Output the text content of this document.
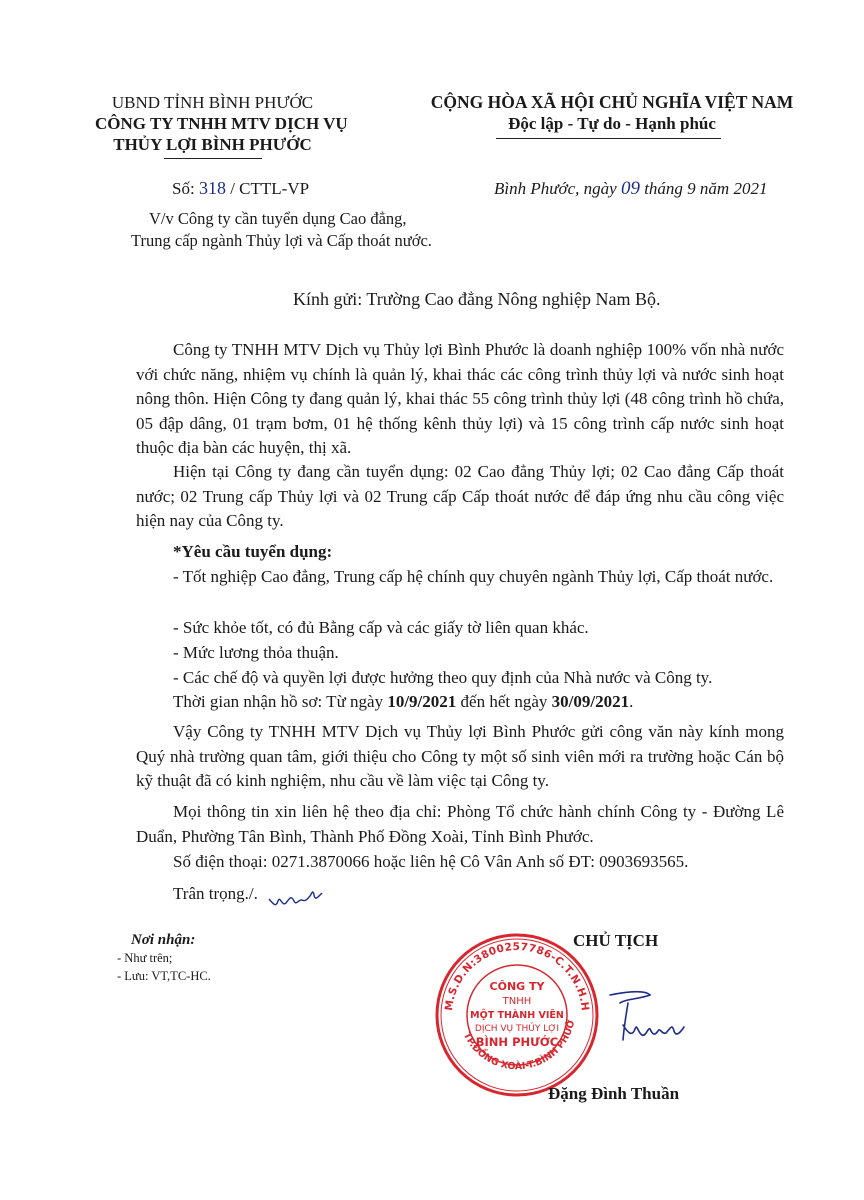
UBND TỈNH BÌNH PHƯỚC
CÔNG TY TNHH MTV DỊCH VỤ
THỦY LỢI BÌNH PHƯỚC
CỘNG HÒA XÃ HỘI CHỦ NGHĨA VIỆT NAM
Độc lập - Tự do - Hạnh phúc
Số: 318 / CTTL-VP	Bình Phước, ngày 09 tháng 9 năm 2021
V/v Công ty cần tuyển dụng Cao đẳng,
Trung cấp ngành Thủy lợi và Cấp thoát nước.
Kính gửi: Trường Cao đẳng Nông nghiệp Nam Bộ.
Công ty TNHH MTV Dịch vụ Thủy lợi Bình Phước là doanh nghiệp 100% vốn nhà nước với chức năng, nhiệm vụ chính là quản lý, khai thác các công trình thủy lợi và nước sinh hoạt nông thôn. Hiện Công ty đang quản lý, khai thác 55 công trình thủy lợi (48 công trình hồ chứa, 05 đập dâng, 01 trạm bơm, 01 hệ thống kênh thủy lợi) và 15 công trình cấp nước sinh hoạt thuộc địa bàn các huyện, thị xã.
Hiện tại Công ty đang cần tuyển dụng: 02 Cao đẳng Thủy lợi; 02 Cao đẳng Cấp thoát nước; 02 Trung cấp Thủy lợi và 02 Trung cấp Cấp thoát nước để đáp ứng nhu cầu công việc hiện nay của Công ty.
*Yêu cầu tuyển dụng:
- Tốt nghiệp Cao đẳng, Trung cấp hệ chính quy chuyên ngành Thủy lợi, Cấp thoát nước.
- Sức khỏe tốt, có đủ Bằng cấp và các giấy tờ liên quan khác.
- Mức lương thỏa thuận.
- Các chế độ và quyền lợi được hưởng theo quy định của Nhà nước và Công ty.
Thời gian nhận hồ sơ: Từ ngày 10/9/2021 đến hết ngày 30/09/2021.
Vậy Công ty TNHH MTV Dịch vụ Thủy lợi Bình Phước gửi công văn này kính mong Quý nhà trường quan tâm, giới thiệu cho Công ty một số sinh viên mới ra trường hoặc Cán bộ kỹ thuật đã có kinh nghiệm, nhu cầu về làm việc tại Công ty.
Mọi thông tin xin liên hệ theo địa chỉ: Phòng Tổ chức hành chính Công ty - Đường Lê Duẩn, Phường Tân Bình, Thành Phố Đồng Xoài, Tỉnh Bình Phước.
Số điện thoại: 0271.3870066 hoặc liên hệ Cô Vân Anh số ĐT: 0903693565.
Trân trọng./.
Nơi nhận:
- Như trên;
- Lưu: VT,TC-HC.
CHỦ TỊCH
M.S.D.N:3800257786-C.T.N.H.H
TP.ĐỒNG XOÀI-T.BÌNH PHƯỚ
CÔNG TY
TNHH
MỘT THÀNH VIÊN
DỊCH VỤ THỦY LỢI
BÌNH PHƯỚC
Đặng Đình Thuần
